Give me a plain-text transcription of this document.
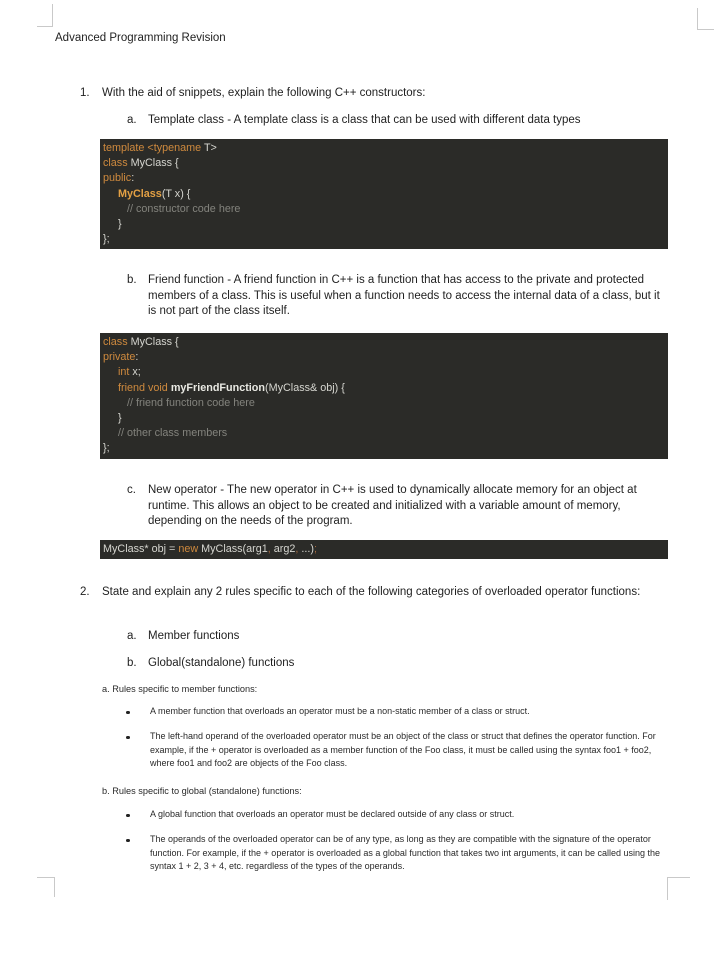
Advanced Programming Revision
1.	With the aid of snippets, explain the following C++ constructors:
a. Template class - A template class is a class that can be used with different data types
template <typename T>
class MyClass {
public:
MyClass(T x) {
// constructor code here
}
};
b. Friend function - A friend function in C++ is a function that has access to the private and protected members of a class. This is useful when a function needs to access the internal data of a class, but it is not part of the class itself.
class MyClass {
private:
int x;
friend void myFriendFunction(MyClass& obj) {
// friend function code here
}
// other class members
};
c.	New operator - The new operator in C++ is used to dynamically allocate memory for an object at runtime. This allows an object to be created and initialized with a variable amount of memory, depending on the needs of the program.
MyClass* obj = new MyClass(arg1, arg2, ...);
2.	State and explain any 2 rules specific to each of the following categories of overloaded operator functions:
a. Member functions
b. Global(standalone) functions
a. Rules specific to member functions:
A member function that overloads an operator must be a non-static member of a class or struct.
The left-hand operand of the overloaded operator must be an object of the class or struct that defines the operator function. For example, if the + operator is overloaded as a member function of the Foo class, it must be called using the syntax foo1 + foo2, where foo1 and foo2 are objects of the Foo class.
b. Rules specific to global (standalone) functions:
A global function that overloads an operator must be declared outside of any class or struct.
The operands of the overloaded operator can be of any type, as long as they are compatible with the signature of the operator function. For example, if the + operator is overloaded as a global function that takes two int arguments, it can be called using the syntax 1 + 2, 3 + 4, etc. regardless of the types of the operands.
